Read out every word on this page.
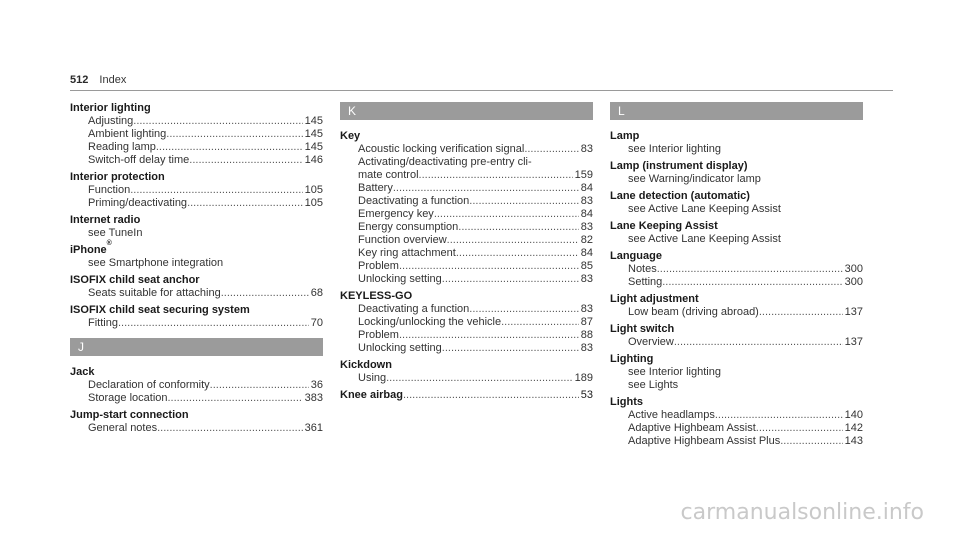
512 Index
Interior lighting
Adjusting .....	145
Ambient lighting .....	145
Reading lamp .....	145
Switch-off delay time .....	146
Interior protection
Function .....	105
Priming/deactivating .....	105
Internet radio
see TuneIn
iPhone
®
see Smartphone integration
ISOFIX child seat anchor
Seats suitable for attaching .....	68
ISOFIX child seat securing system
Fitting .....	70
J
Jack
Declaration of conformity .....	36
Storage location .....	383
Jump-start connection
General notes .....	361
K
Key
Acoustic locking verification signal .....	83
Activating/deactivating pre-entry cli-
mate control .....	159
Battery .....	84
Deactivating a function .....	83
Emergency key .....	84
Energy consumption .....	83
Function overview .....	82
Key ring attachment .....	84
Problem .....	85
Unlocking setting .....	83
KEYLESS-GO
Deactivating a function .....	83
Locking/unlocking the vehicle .....	87
Problem .....	88
Unlocking setting .....	83
Kickdown
Using .....	189
Knee airbag .....	53
L
Lamp
see Interior lighting
Lamp (instrument display)
see Warning/indicator lamp
Lane detection (automatic)
see Active Lane Keeping Assist
Lane Keeping Assist
see Active Lane Keeping Assist
Language
Notes .....	300
Setting .....	300
Light adjustment
Low beam (driving abroad) .....	137
Light switch
Overview .....	137
Lighting
see Interior lighting
see Lights
Lights
Active headlamps .....	140
Adaptive Highbeam Assist .....	142
Adaptive Highbeam Assist Plus .....	143
carmanualsonline.info
